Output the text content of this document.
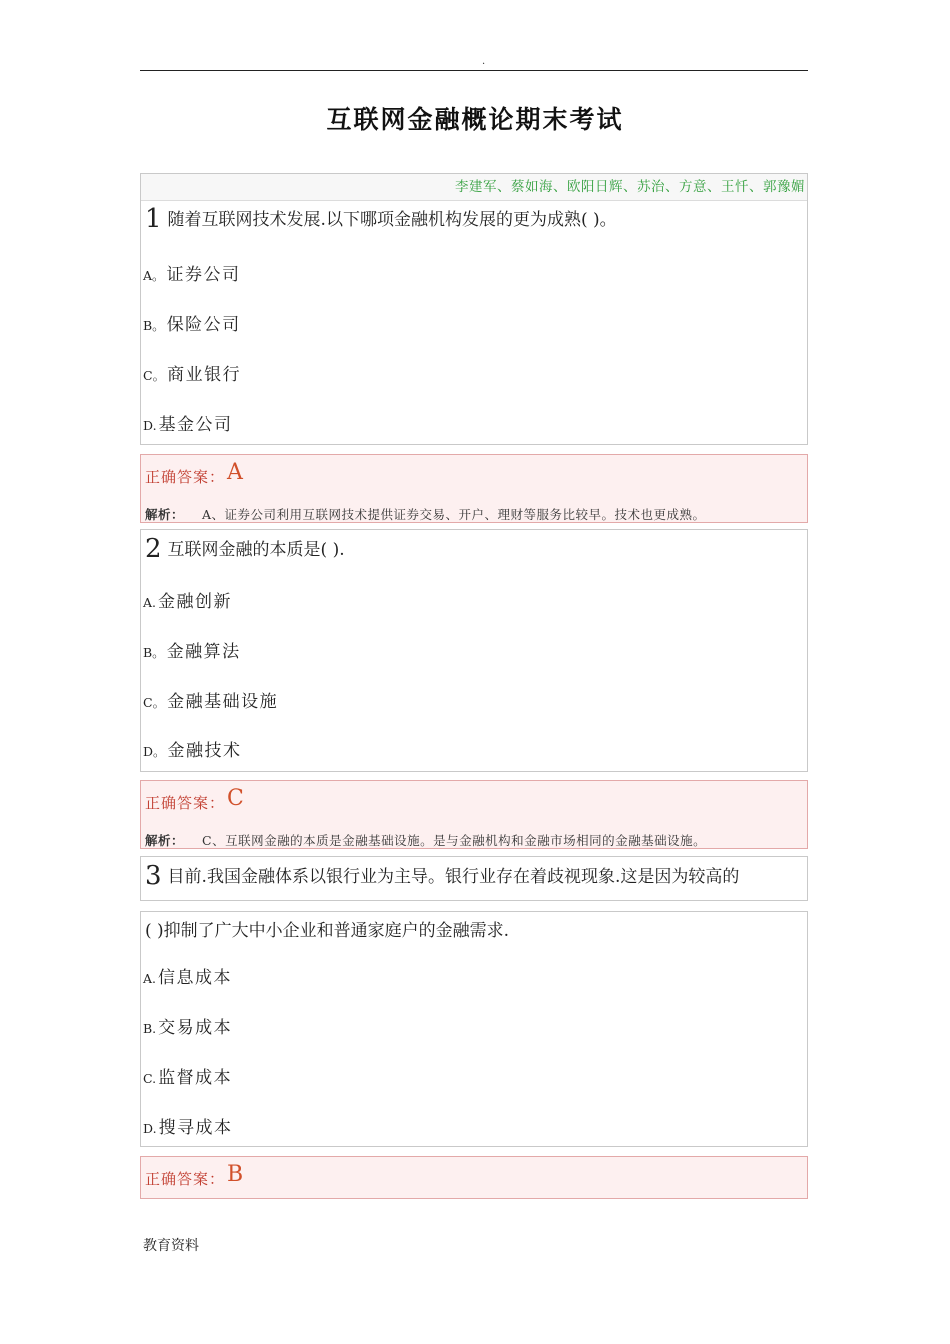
.
互联网金融概论期末考试
李建军、蔡如海、欧阳日辉、苏治、方意、王忏、郭豫媚
1 随着互联网技术发展.以下哪项金融机构发展的更为成熟( )。
A。 证券公司
B。 保险公司
C。 商业银行
D. 基金公司
正确答案：A
解析： A、证券公司利用互联网技术提供证券交易、开户、理财等服务比较早。技术也更成熟。
2 互联网金融的本质是( ).
A. 金融创新
B。 金融算法
C。 金融基础设施
D。 金融技术
正确答案：C
解析： C、互联网金融的本质是金融基础设施。是与金融机构和金融市场相同的金融基础设施。
3 目前.我国金融体系以银行业为主导。银行业存在着歧视现象.这是因为较高的
( )抑制了广大中小企业和普通家庭户的金融需求.
A. 信息成本
B. 交易成本
C. 监督成本
D. 搜寻成本
正确答案：B
教育资料
